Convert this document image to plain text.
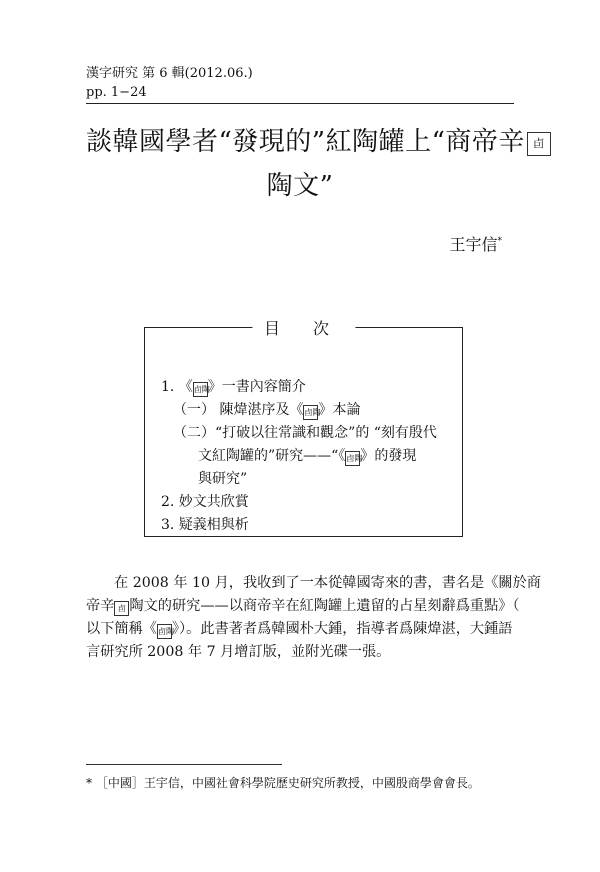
漢字研究 第 6 輯(2012.06.)
pp. 1−24
談韓國學者“發現的”紅陶罐上“商帝辛 卣
陶文”
王宇信*
目 次
1. 《卣陶》一書內容簡介
（一） 陳煒湛序及《卣陶》本論
（二）“打破以往常識和觀念”的 “刻有殷代
文紅陶罐的”研究——“《卣陶》的發現
與研究”
2. 妙文共欣賞
3. 疑義相與析

在 2008 年 10 月，我收到了一本從韓國寄來的書，書名是《關於商

帝辛 卣 陶文的研究——以商帝辛在紅陶罐上遺留的占星刻辭爲重點》（

以下簡稱《卣陶》）。此書著者爲韓國朴大鍾，指導者爲陳煒湛，大鍾語

言研究所 2008 年 7 月增訂版，並附光碟一張。

* ［中國］王宇信，中國社會科學院歷史研究所教授，中國殷商學會會長。
